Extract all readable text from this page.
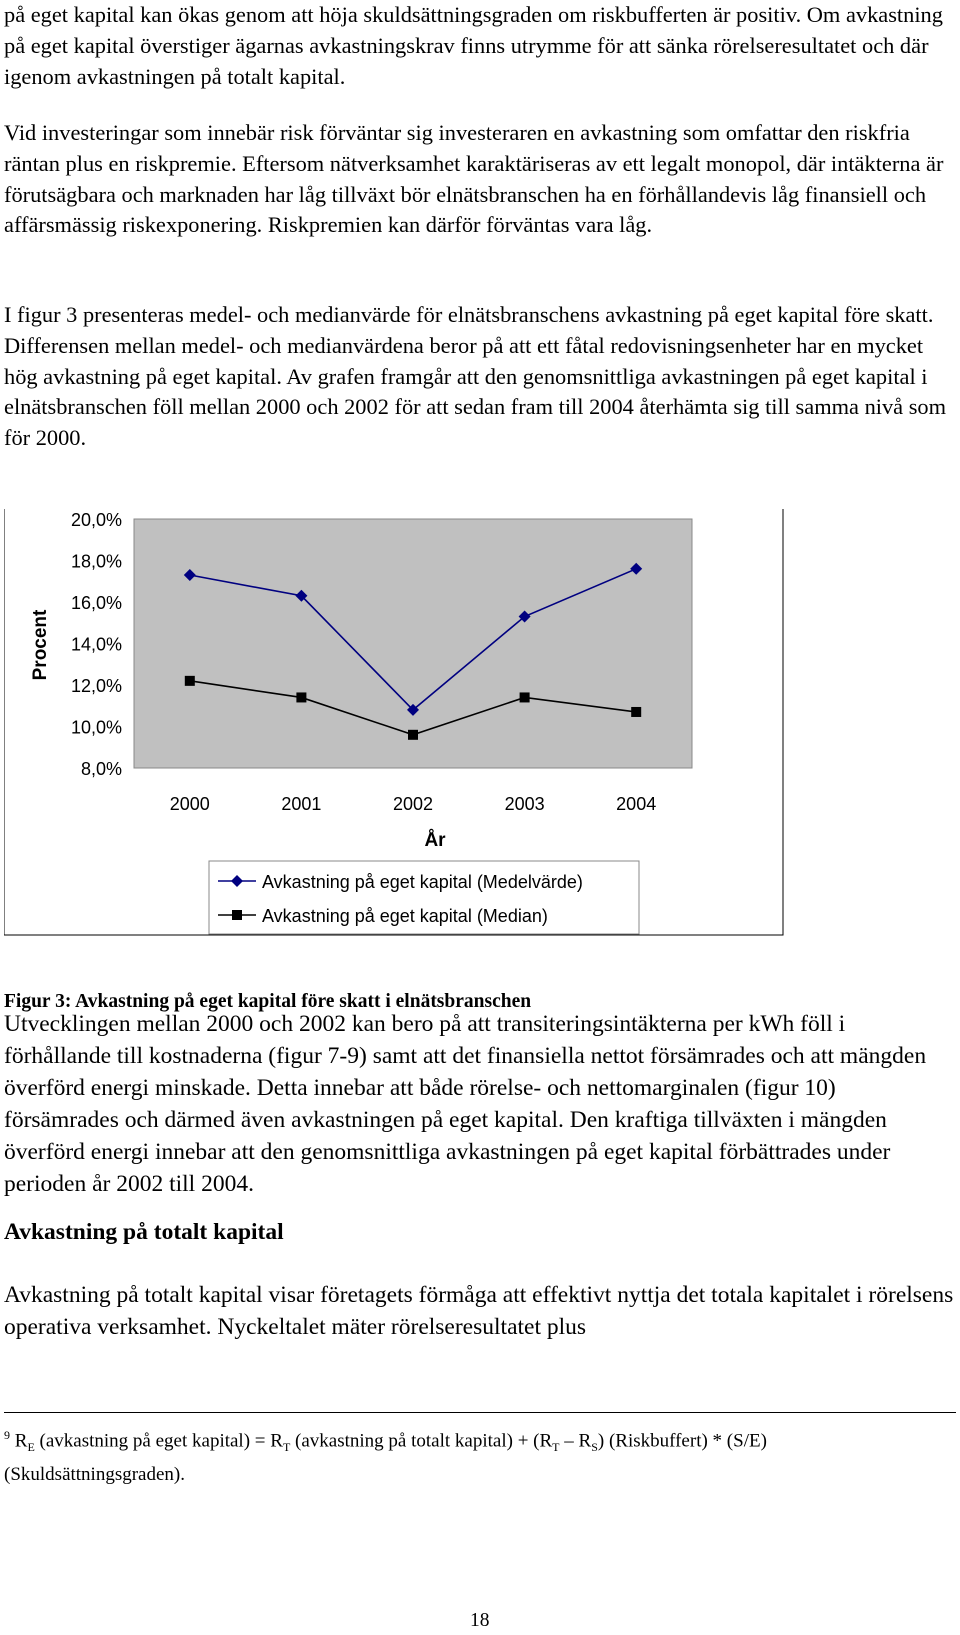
på eget kapital kan ökas genom att höja skuldsättningsgraden om riskbufferten är positiv. Om avkastning på eget kapital överstiger ägarnas avkastningskrav finns utrymme för att sänka rörelseresultatet och där igenom avkastningen på totalt kapital.

Vid investeringar som innebär risk förväntar sig investeraren en avkastning som omfattar den riskfria räntan plus en riskpremie. Eftersom nätverksamhet karaktäriseras av ett legalt monopol, där intäkterna är förutsägbara och marknaden har låg tillväxt bör elnätsbranschen ha en förhållandevis låg finansiell och affärsmässig riskexponering. Riskpremien kan därför förväntas vara låg.

I figur 3 presenteras medel- och medianvärde för elnätsbranschens avkastning på eget kapital före skatt. Differensen mellan medel- och medianvärdena beror på att ett fåtal redovisningsenheter har en mycket hög avkastning på eget kapital. Av grafen framgår att den genomsnittliga avkastningen på eget kapital i elnätsbranschen föll mellan 2000 och 2002 för att sedan fram till 2004 återhämta sig till samma nivå som för 2000.

8,0%
10,0%
12,0%
14,0%
16,0%
18,0%
20,0%
2000	2001	2002	2003	2004
Procent
År
Avkastning på eget kapital (Medelvärde)
Avkastning på eget kapital (Median)

Figur 3: Avkastning på eget kapital före skatt i elnätsbranschen

Utvecklingen mellan 2000 och 2002 kan bero på att transiteringsintäkterna per kWh föll i förhållande till kostnaderna (figur 7-9) samt att det finansiella nettot försämrades och att mängden överförd energi minskade. Detta innebar att både rörelse- och nettomarginalen (figur 10) försämrades och därmed även avkastningen på eget kapital. Den kraftiga tillväxten i mängden överförd energi innebar att den genomsnittliga avkastningen på eget kapital förbättrades under perioden år 2002 till 2004.

Avkastning på totalt kapital

Avkastning på totalt kapital visar företagets förmåga att effektivt nyttja det totala kapitalet i rörelsens operativa verksamhet. Nyckeltalet mäter rörelseresultatet plus

$^9$ $R_E$ (avkastning på eget kapital) = $R_T$ (avkastning på totalt kapital) + $(R_T - R_S)$ (Riskbuffert) * (S/E) (Skuldsättningsgraden).

18
